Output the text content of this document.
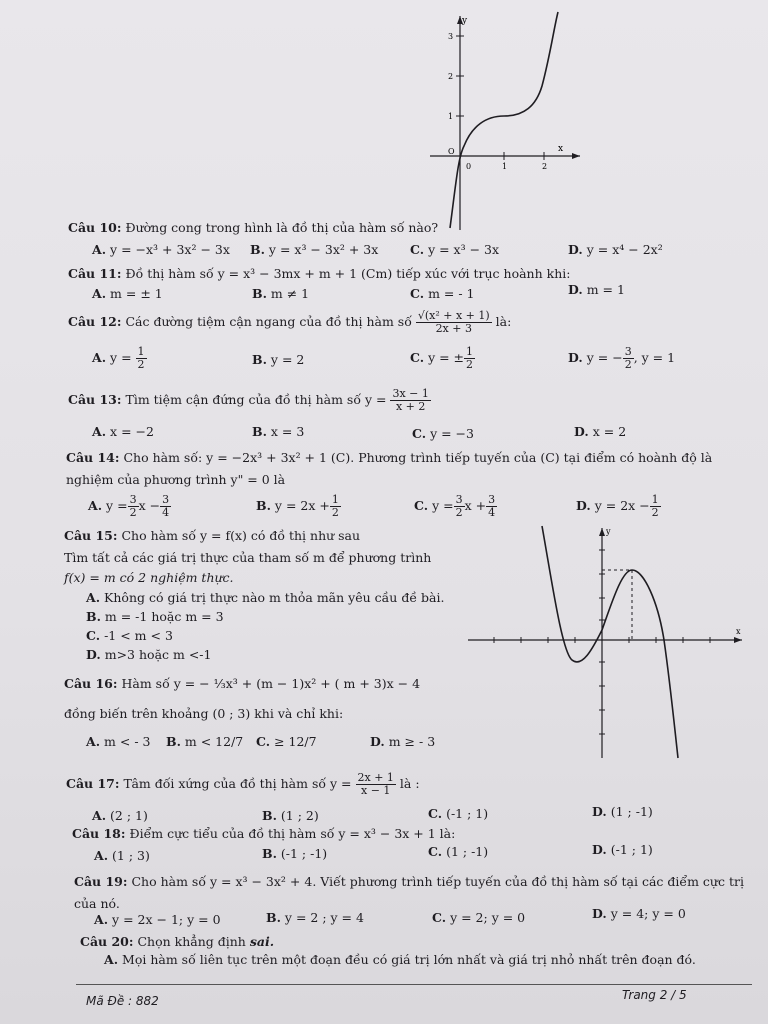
y
x
O
1
2
3
0	1	2
Câu 10: Đường cong trong hình là đồ thị của hàm số nào?
A. y = −x³ + 3x² − 3x B. y = x³ − 3x² + 3x	C. y = x³ − 3x	D. y = x⁴ − 2x²
Câu 11: Đồ thị hàm số y = x³ − 3mx + m + 1 (Cm) tiếp xúc với trục hoành khi:
A. m = ± 1	B. m ≠ 1	C. m = - 1	D. m = 1
Câu 12: Các đường tiệm cận ngang của đồ thị hàm số $\frac{\text{√(x² + x + 1)}}{2x + 3}$ là:
A. $y = \frac{1}{2}$	B. y = 2	C. y = ± $\frac{1}{2}$	D. y = − $\frac{3}{2}$ , y = 1
Câu 13: Tìm tiệm cận đứng của đồ thị hàm số $y = \frac{3x - 1}{x + 2}$
A. x = −2	B. x = 3	C. y = −3	D. x = 2
Câu 14: Cho hàm số: y = −2x³ + 3x² + 1 (C). Phương trình tiếp tuyến của (C) tại điểm có hoành độ là
nghiệm của phương trình y" = 0 là
A. $y = \frac{3}{2}$ $x - \frac{3}{4}$	B. $y = 2x + \frac{1}{2}$	C. $y = \frac{3}{2}$ $x + \frac{3}{4}$	D. $y = 2x - \frac{1}{2}$
Câu 15: Cho hàm số y = f(x) có đồ thị như sau
Tìm tất cả các giá trị thực của tham số m để phương trình
f(x) = m có 2 nghiệm thực.
A. Không có giá trị thực nào m thỏa mãn yêu cầu đề bài.
B. m = -1 hoặc m = 3
C. -1 < m < 3
D. m>3 hoặc m <-1
y
x
Câu 16: Hàm số y = − ⅓x³ + (m − 1)x² + ( m + 3)x − 4
đồng biến trên khoảng (0 ; 3) khi và chỉ khi:
A. m < - 3 B. m < 12/7 C. ≥ 12/7	D. m ≥ - 3
Câu 17: Tâm đối xứng của đồ thị hàm số $y = \frac{2x + 1}{x - 1}$ là :
A. (2 ; 1)	B. (1 ; 2)	C. (-1 ; 1)	D. (1 ; -1)
Câu 18: Điểm cực tiểu của đồ thị hàm số y = x³ − 3x + 1 là:
A. (1 ; 3)	B. (-1 ; -1)	C. (1 ; -1)	D. (-1 ; 1)
Câu 19: Cho hàm số y = x³ − 3x² + 4. Viết phương trình tiếp tuyến của đồ thị hàm số tại các điểm cực trị
của nó.
A. y = 2x − 1; y = 0	B. y = 2 ; y = 4	C. y = 2; y = 0	D. y = 4; y = 0
Câu 20: Chọn khẳng định sai.
A. Mọi hàm số liên tục trên một đoạn đều có giá trị lớn nhất và giá trị nhỏ nhất trên đoạn đó.
Mã Đề : 882	Trang 2 / 5
